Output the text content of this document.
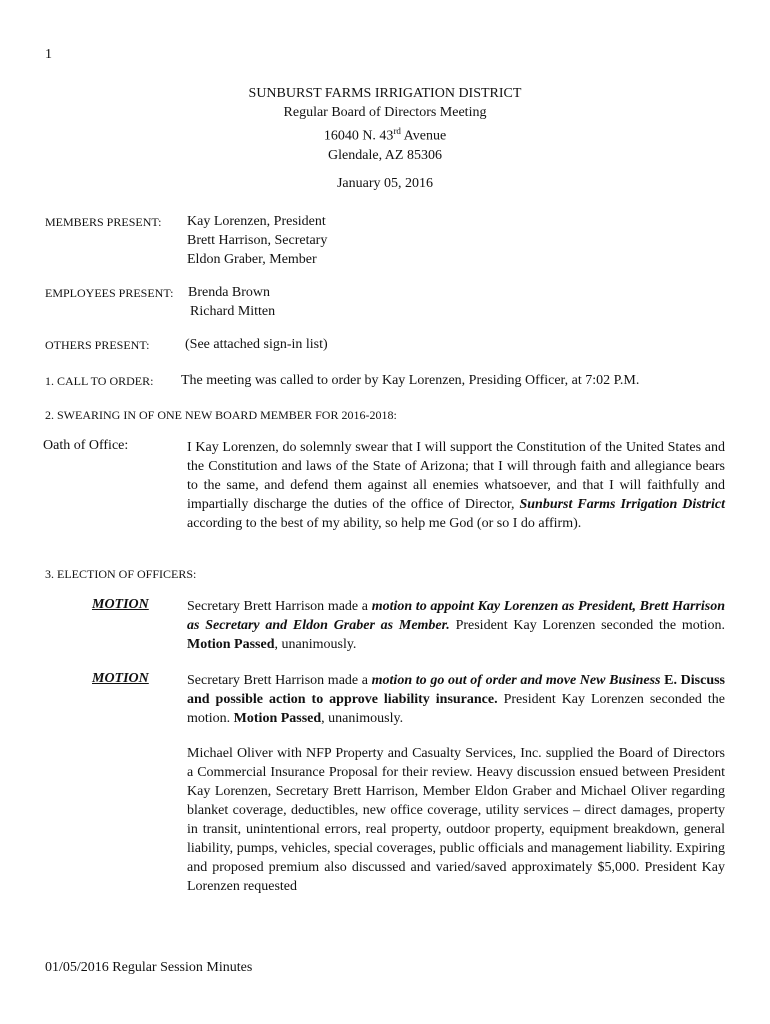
1
SUNBURST FARMS IRRIGATION DISTRICT
Regular Board of Directors Meeting
16040 N. 43rd Avenue
Glendale, AZ 85306
January 05, 2016
MEMBERS PRESENT: Kay Lorenzen, President
Brett Harrison, Secretary
Eldon Graber, Member
EMPLOYEES PRESENT: Brenda Brown
Richard Mitten
OTHERS PRESENT:	(See attached sign-in list)
1. CALL TO ORDER: The meeting was called to order by Kay Lorenzen, Presiding Officer, at 7:02 P.M.
2. SWEARING IN OF ONE NEW BOARD MEMBER FOR 2016-2018:
Oath of Office:	I Kay Lorenzen, do solemnly swear that I will support the Constitution of the United States and the Constitution and laws of the State of Arizona; that I will through faith and allegiance bears to the same, and defend them against all enemies whatsoever, and that I will faithfully and impartially discharge the duties of the office of Director, Sunburst Farms Irrigation District according to the best of my ability, so help me God (or so I do affirm).
3. ELECTION OF OFFICERS:
MOTION	Secretary Brett Harrison made a motion to appoint Kay Lorenzen as President, Brett Harrison as Secretary and Eldon Graber as Member. President Kay Lorenzen seconded the motion. Motion Passed, unanimously.
MOTION	Secretary Brett Harrison made a motion to go out of order and move New Business E. Discuss and possible action to approve liability insurance. President Kay Lorenzen seconded the motion. Motion Passed, unanimously.
Michael Oliver with NFP Property and Casualty Services, Inc. supplied the Board of Directors a Commercial Insurance Proposal for their review. Heavy discussion ensued between President Kay Lorenzen, Secretary Brett Harrison, Member Eldon Graber and Michael Oliver regarding blanket coverage, deductibles, new office coverage, utility services – direct damages, property in transit, unintentional errors, real property, outdoor property, equipment breakdown, general liability, pumps, vehicles, special coverages, public officials and management liability. Expiring and proposed premium also discussed and varied/saved approximately $5,000. President Kay Lorenzen requested
01/05/2016 Regular Session Minutes
